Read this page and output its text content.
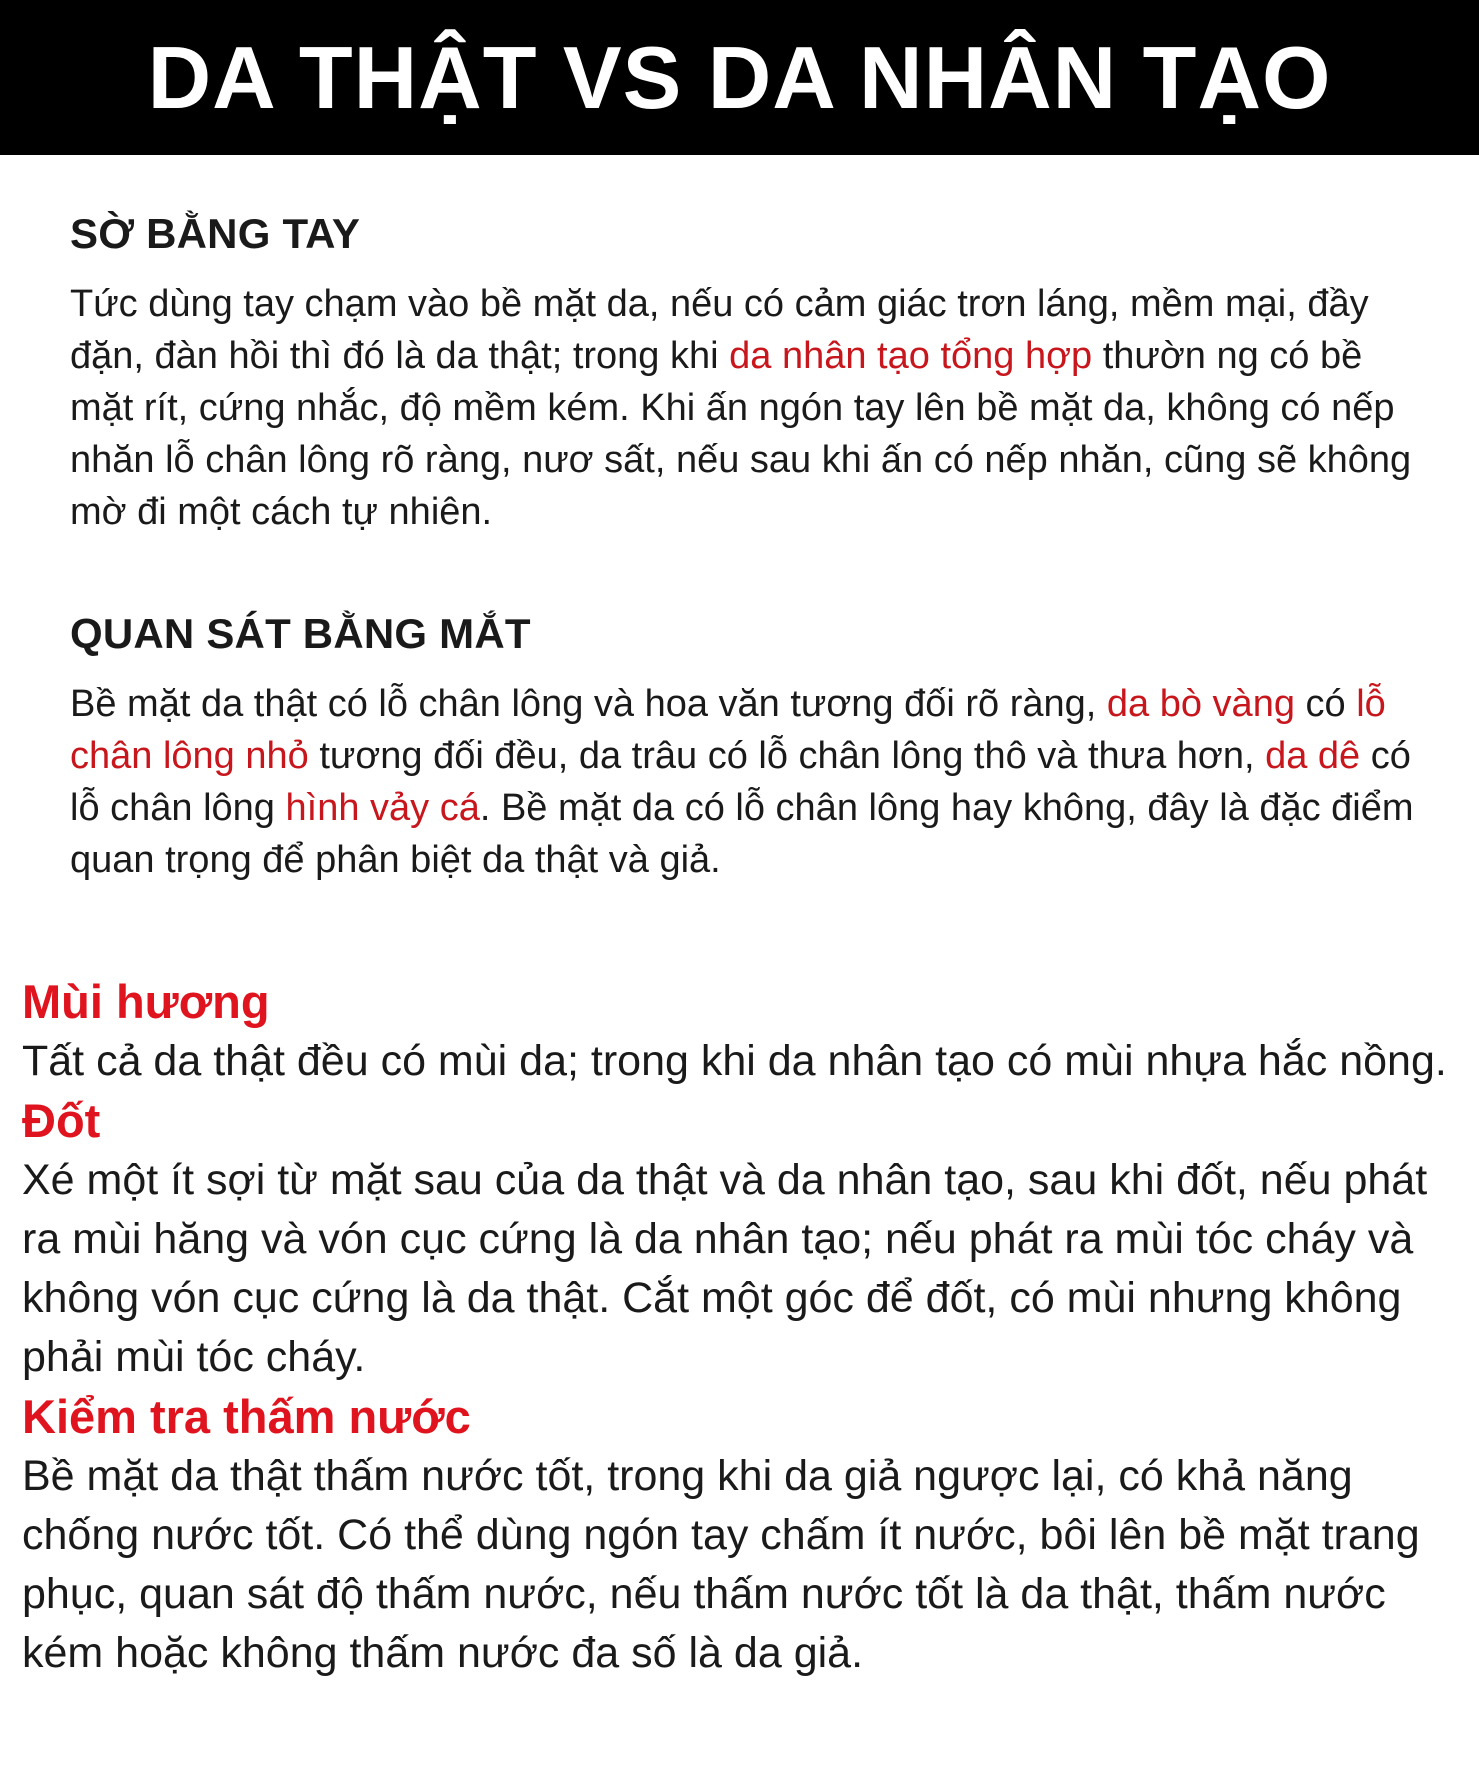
DA THẬT VS DA NHÂN TẠO
SỜ BẰNG TAY

Tức dùng tay chạm vào bề mặt da, nếu có cảm giác trơn láng, mềm mại, đầy đặn, đàn hồi thì đó là da thật; trong khi da nhân tạo tổng hợp thườn ng có bề mặt rít, cứng nhắc, độ mềm kém. Khi ấn ngón tay lên bề mặt da, không có nếp nhăn lỗ chân lông rõ ràng, nươ sất, nếu sau khi ấn có nếp nhăn, cũng sẽ không mờ đi một cách tự nhiên.

QUAN SÁT BẰNG MẮT

Bề mặt da thật có lỗ chân lông và hoa văn tương đối rõ ràng, da bò vàng có lỗ chân lông nhỏ tương đối đều, da trâu có lỗ chân lông thô và thưa hơn, da dê có lỗ chân lông hình vảy cá. Bề mặt da có lỗ chân lông hay không, đây là đặc điểm quan trọng để phân biệt da thật và giả.

Mùi hương
Tất cả da thật đều có mùi da; trong khi da nhân tạo có mùi nhựa hắc nồng.
Đốt
Xé một ít sợi từ mặt sau của da thật và da nhân tạo, sau khi đốt, nếu phát ra mùi hăng và vón cục cứng là da nhân tạo; nếu phát ra mùi tóc cháy và không vón cục cứng là da thật. Cắt một góc để đốt, có mùi nhưng không phải mùi tóc cháy.
Kiểm tra thấm nước
Bề mặt da thật thấm nước tốt, trong khi da giả ngược lại, có khả năng chống nước tốt. Có thể dùng ngón tay chấm ít nước, bôi lên bề mặt trang phục, quan sát độ thấm nước, nếu thấm nước tốt là da thật, thấm nước kém hoặc không thấm nước đa số là da giả.
